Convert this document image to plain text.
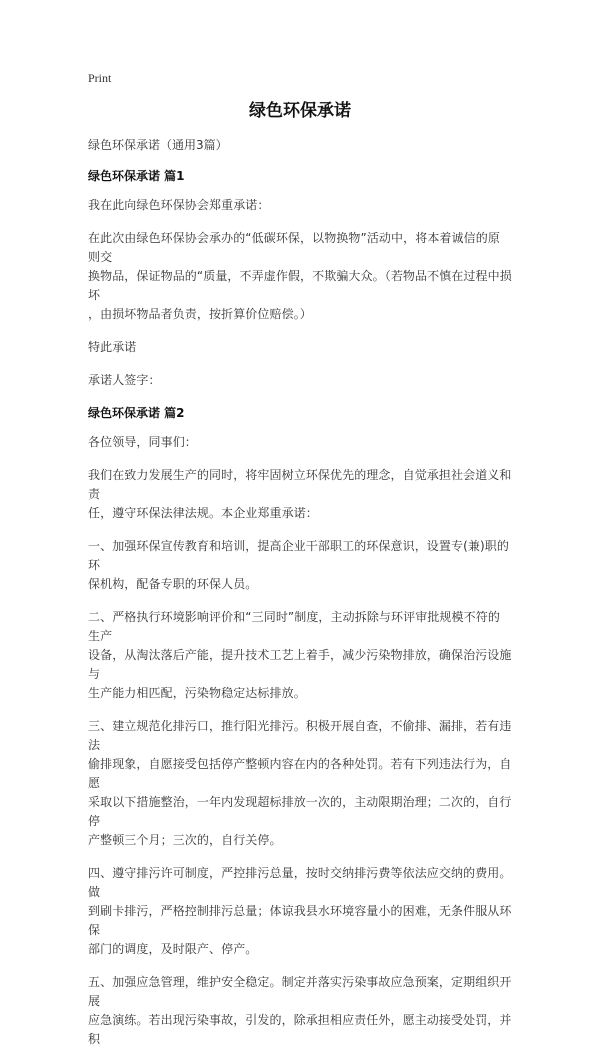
Print
绿色环保承诺
绿色环保承诺（通用3篇）
绿色环保承诺 篇1
我在此向绿色环保协会郑重承诺：
在此次由绿色环保协会承办的“低碳环保，以物换物”活动中，将本着诚信的原则交
换物品，保证物品的“质量，不弄虚作假，不欺骗大众。（若物品不慎在过程中损坏
，由损坏物品者负责，按折算价位赔偿。）
特此承诺
承诺人签字：
绿色环保承诺 篇2
各位领导，同事们：
我们在致力发展生产的同时，将牢固树立环保优先的理念，自觉承担社会道义和责
任，遵守环保法律法规。本企业郑重承诺：
一、加强环保宣传教育和培训，提高企业干部职工的环保意识，设置专(兼)职的环
保机构，配备专职的环保人员。
二、严格执行环境影响评价和“三同时”制度，主动拆除与环评审批规模不符的生产
设备，从淘汰落后产能，提升技术工艺上着手，减少污染物排放，确保治污设施与
生产能力相匹配，污染物稳定达标排放。
三、建立规范化排污口，推行阳光排污。积极开展自查，不偷排、漏排，若有违法
偷排现象，自愿接受包括停产整顿内容在内的各种处罚。若有下列违法行为，自愿
采取以下措施整治，一年内发现超标排放一次的，主动限期治理；二次的，自行停
产整顿三个月；三次的，自行关停。
四、遵守排污许可制度，严控排污总量，按时交纳排污费等依法应交纳的费用。做
到刷卡排污，严格控制排污总量；体谅我县水环境容量小的困难，无条件服从环保
部门的调度，及时限产、停产。
五、加强应急管理，维护安全稳定。制定并落实污染事故应急预案，定期组织开展
应急演练。若出现污染事故，引发的，除承担相应责任外，愿主动接受处罚，并积
